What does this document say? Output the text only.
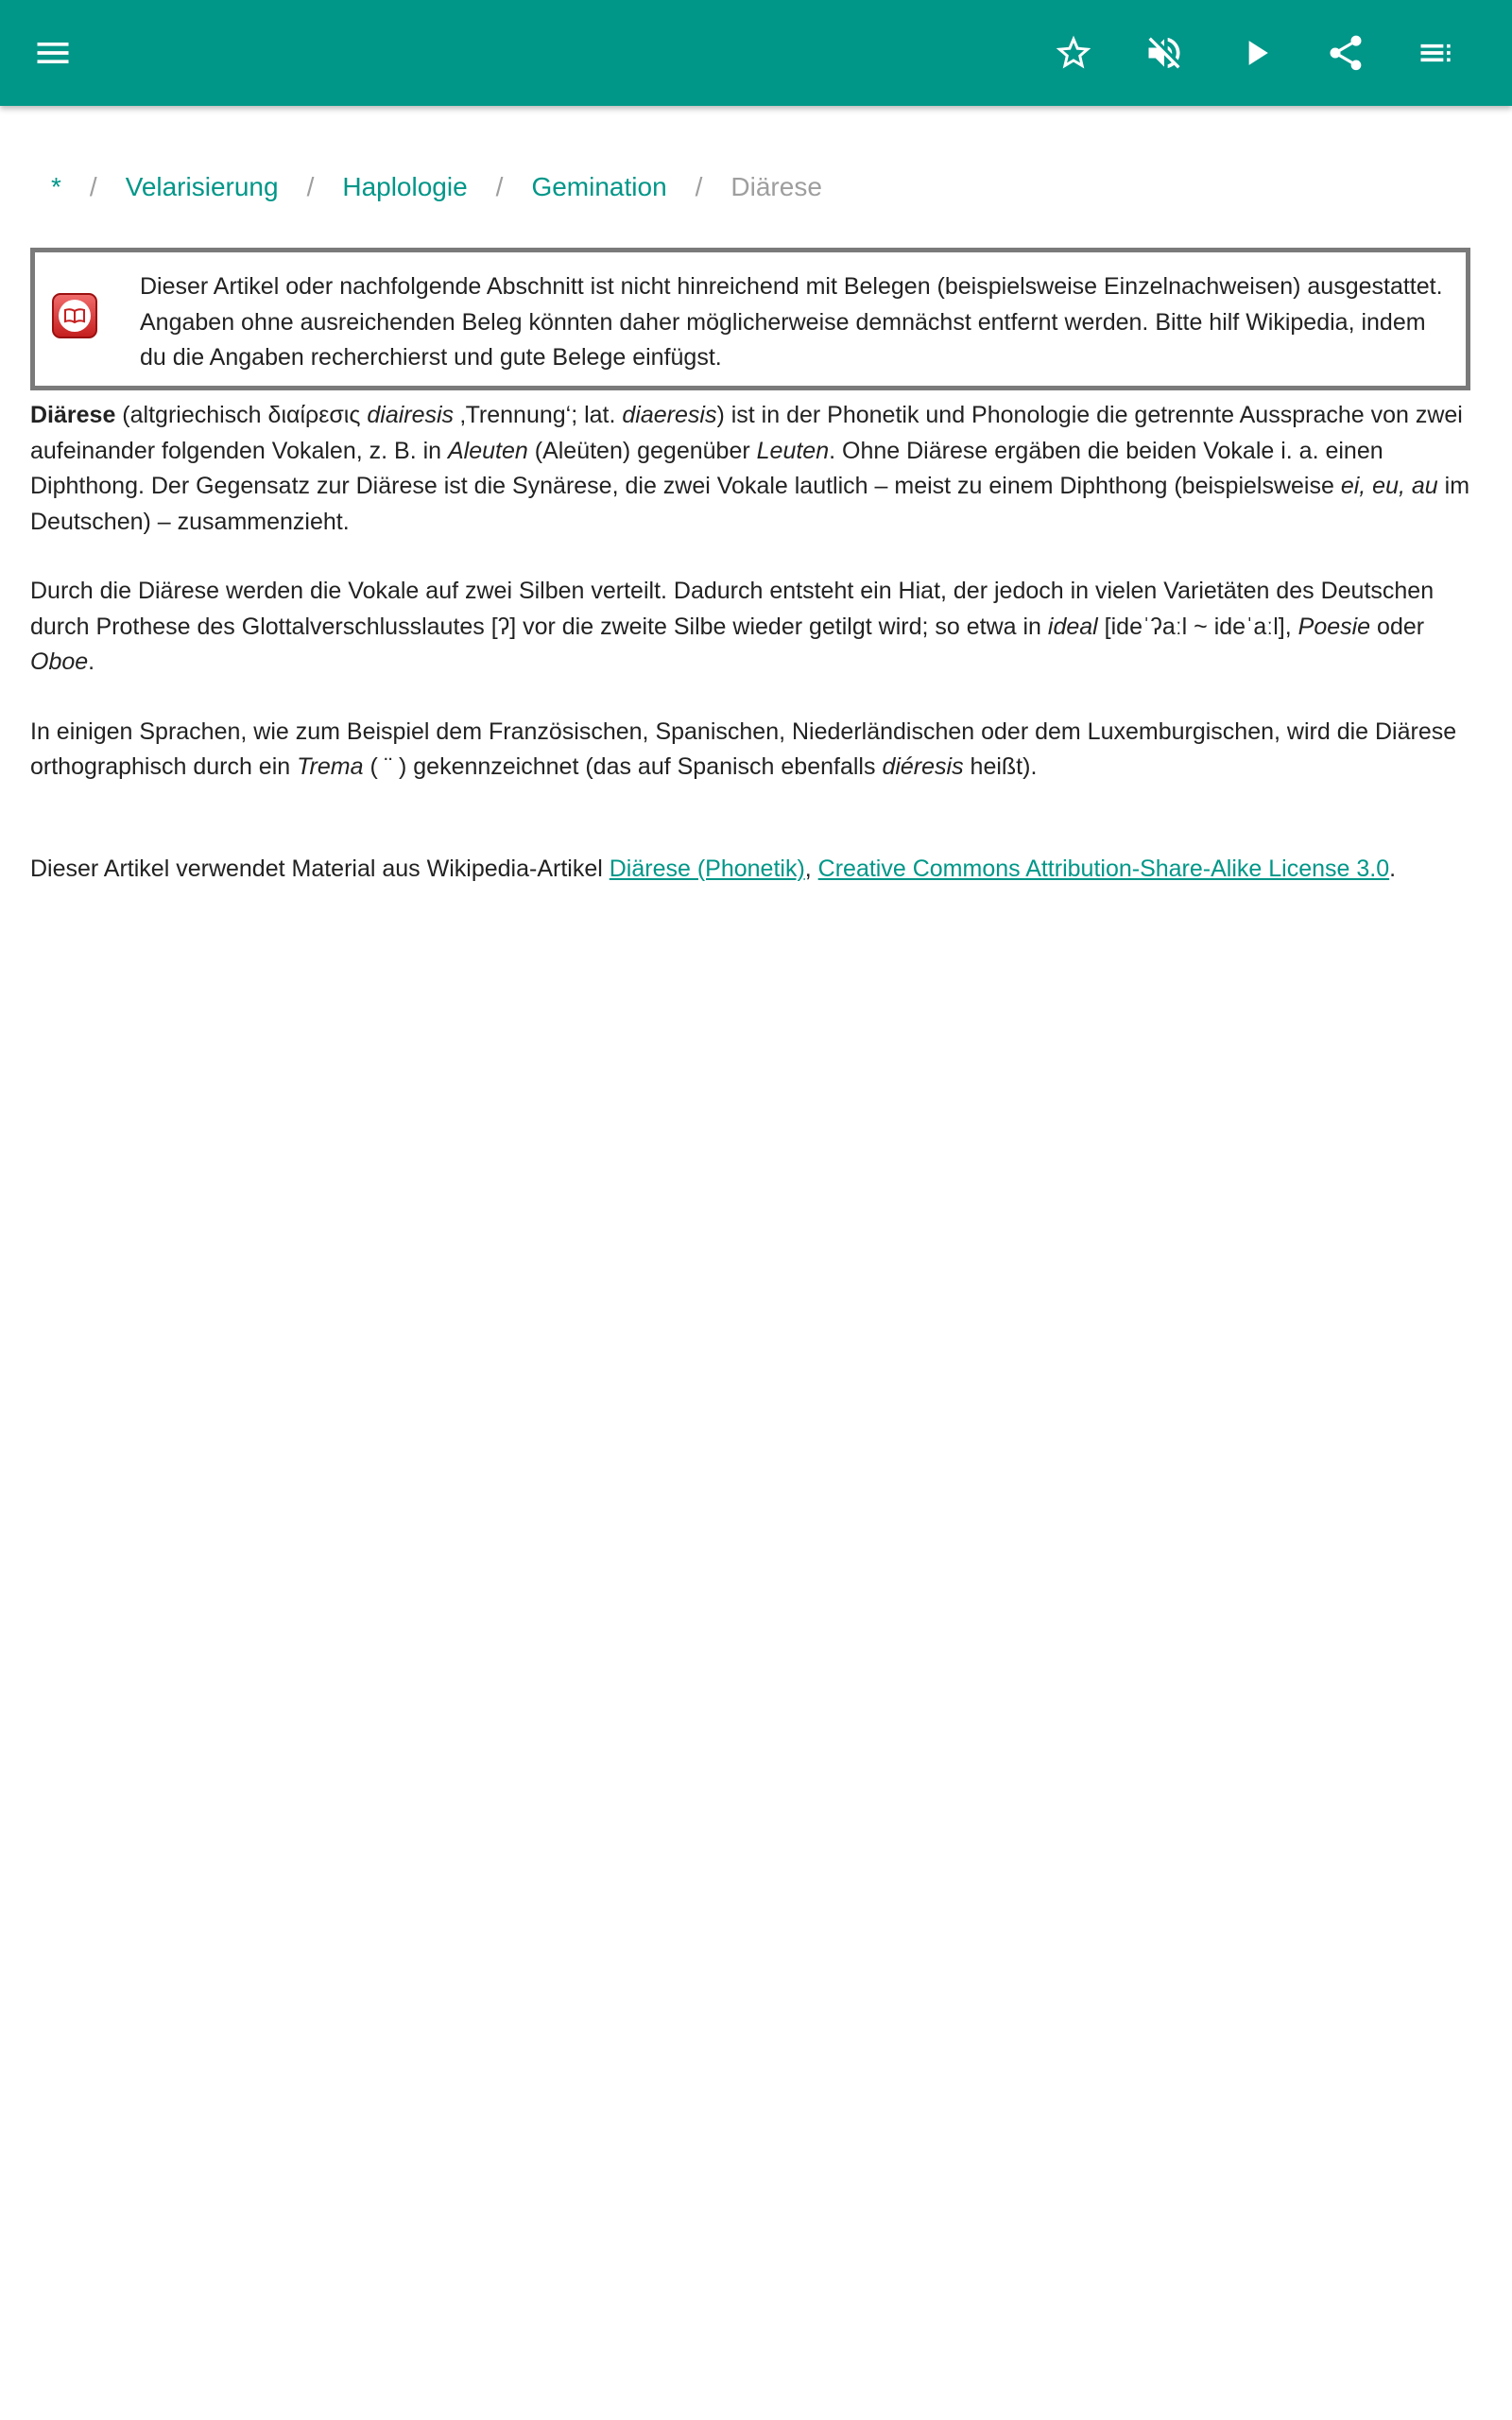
* / Velarisierung / Haplologie / Gemination / Diärese
Dieser Artikel oder nachfolgende Abschnitt ist nicht hinreichend mit Belegen (beispielsweise Einzelnachweisen) ausgestattet. Angaben ohne ausreichenden Beleg könnten daher möglicherweise demnächst entfernt werden. Bitte hilf Wikipedia, indem du die Angaben recherchierst und gute Belege einfügst.

Diärese (altgriechisch διαίρεσις diairesis ‚Trennung‘; lat. diaeresis) ist in der Phonetik und Phonologie die getrennte Aussprache von zwei aufeinander folgenden Vokalen, z. B. in Aleuten (Aleüten) gegenüber Leuten. Ohne Diärese ergäben die beiden Vokale i. a. einen Diphthong. Der Gegensatz zur Diärese ist die Synärese, die zwei Vokale lautlich – meist zu einem Diphthong (beispielsweise ei, eu, au im Deutschen) – zusammenzieht.

Durch die Diärese werden die Vokale auf zwei Silben verteilt. Dadurch entsteht ein Hiat, der jedoch in vielen Varietäten des Deutschen durch Prothese des Glottalverschlusslautes [ʔ] vor die zweite Silbe wieder getilgt wird; so etwa in ideal [ideˈʔaːl ~ ideˈaːl], Poesie oder Oboe.

In einigen Sprachen, wie zum Beispiel dem Französischen, Spanischen, Niederländischen oder dem Luxemburgischen, wird die Diärese orthographisch durch ein Trema ( ¨ ) gekennzeichnet (das auf Spanisch ebenfalls diéresis heißt).

Dieser Artikel verwendet Material aus Wikipedia-Artikel Diärese (Phonetik), Creative Commons Attribution-Share-Alike License 3.0.
